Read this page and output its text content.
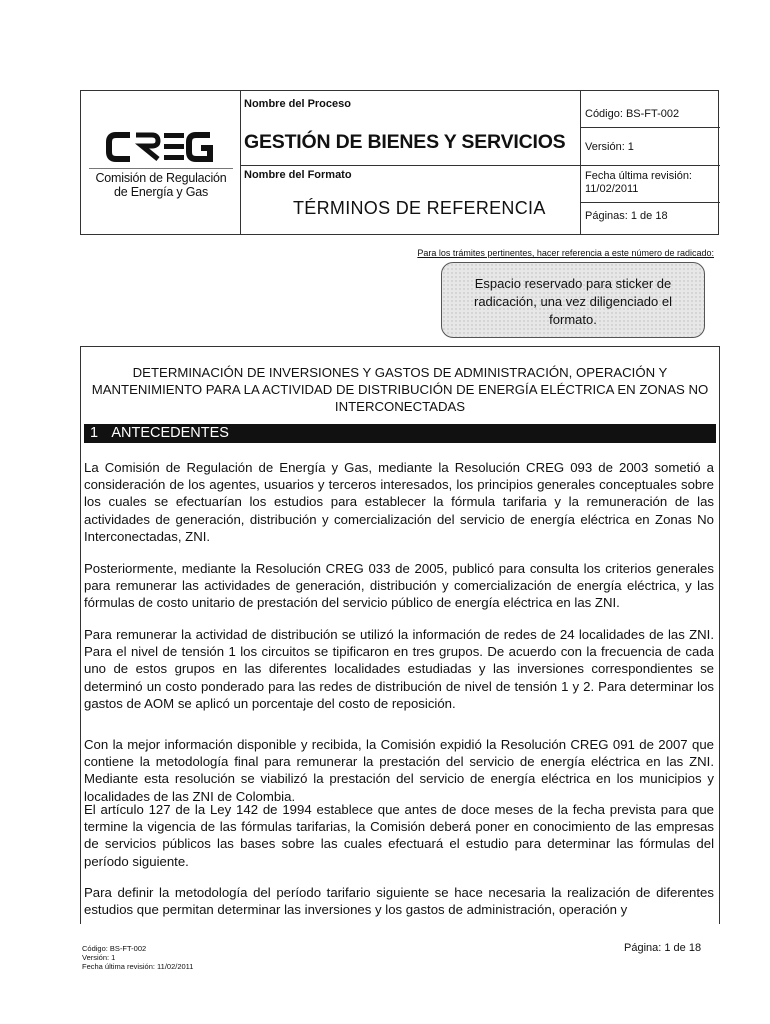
Comisión de Regulación
de Energía y Gas
Nombre del Proceso
GESTIÓN DE BIENES Y SERVICIOS
Nombre del Formato
TÉRMINOS DE REFERENCIA
Código: BS-FT-002
Versión: 1
Fecha última revisión:
11/02/2011
Páginas: 1 de 18
Para los trámites pertinentes, hacer referencia a este número de radicado:
Espacio reservado para sticker de radicación, una vez diligenciado el formato.
DETERMINACIÓN DE INVERSIONES Y GASTOS DE ADMINISTRACIÓN, OPERACIÓN Y MANTENIMIENTO PARA LA ACTIVIDAD DE DISTRIBUCIÓN DE ENERGÍA ELÉCTRICA EN ZONAS NO INTERCONECTADAS
1 ANTECEDENTES
La Comisión de Regulación de Energía y Gas, mediante la Resolución CREG 093 de 2003 sometió a consideración de los agentes, usuarios y terceros interesados, los principios generales conceptuales sobre los cuales se efectuarían los estudios para establecer la fórmula tarifaria y la remuneración de las actividades de generación, distribución y comercialización del servicio de energía eléctrica en Zonas No Interconectadas, ZNI.
Posteriormente, mediante la Resolución CREG 033 de 2005, publicó para consulta los criterios generales para remunerar las actividades de generación, distribución y comercialización de energía eléctrica, y las fórmulas de costo unitario de prestación del servicio público de energía eléctrica en las ZNI.
Para remunerar la actividad de distribución se utilizó la información de redes de 24 localidades de las ZNI. Para el nivel de tensión 1 los circuitos se tipificaron en tres grupos. De acuerdo con la frecuencia de cada uno de estos grupos en las diferentes localidades estudiadas y las inversiones correspondientes se determinó un costo ponderado para las redes de distribución de nivel de tensión 1 y 2. Para determinar los gastos de AOM se aplicó un porcentaje del costo de reposición.
Con la mejor información disponible y recibida, la Comisión expidió la Resolución CREG 091 de 2007 que contiene la metodología final para remunerar la prestación del servicio de energía eléctrica en las ZNI. Mediante esta resolución se viabilizó la prestación del servicio de energía eléctrica en los municipios y localidades de las ZNI de Colombia.
El artículo 127 de la Ley 142 de 1994 establece que antes de doce meses de la fecha prevista para que termine la vigencia de las fórmulas tarifarias, la Comisión deberá poner en conocimiento de las empresas de servicios públicos las bases sobre las cuales efectuará el estudio para determinar las fórmulas del período siguiente.
Para definir la metodología del período tarifario siguiente se hace necesaria la realización de diferentes estudios que permitan determinar las inversiones y los gastos de administración, operación y
Código: BS-FT-002
Versión: 1
Fecha última revisión: 11/02/2011
Página: 1 de 18
